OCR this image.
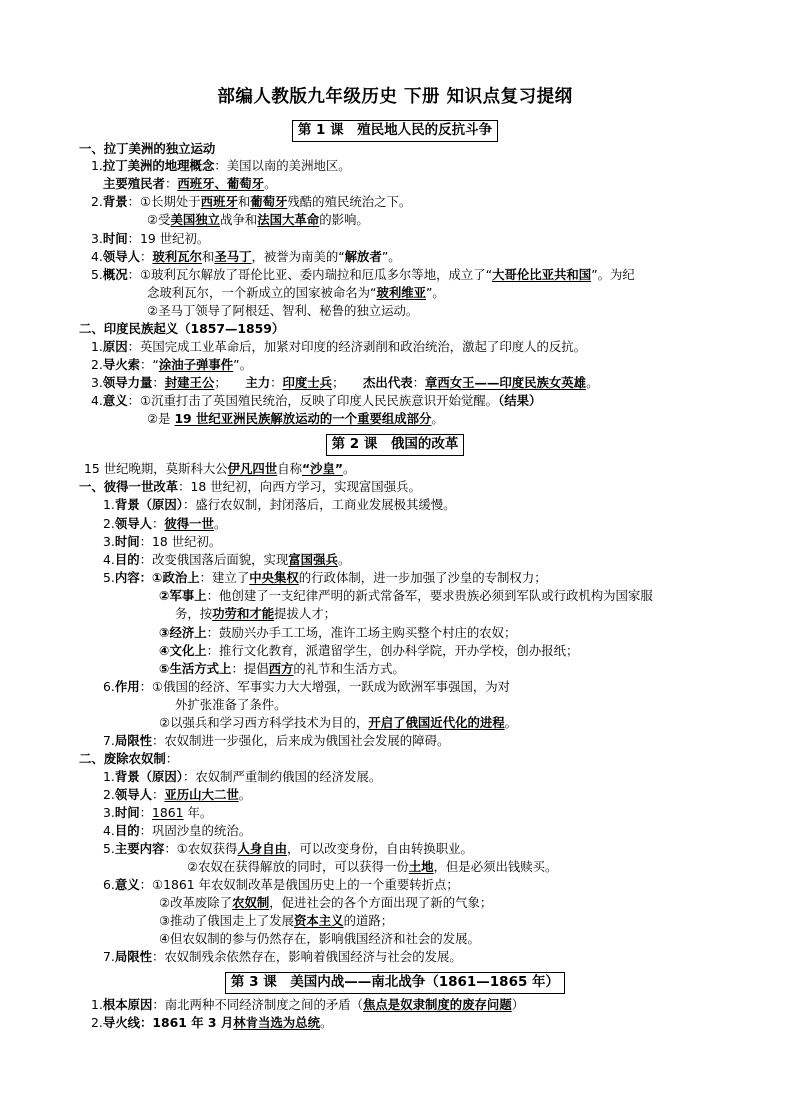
部编人教版九年级历史 下册 知识点复习提纲
第 1 课　殖民地人民的反抗斗争
一、拉丁美洲的独立运动
1.拉丁美洲的地理概念：美国以南的美洲地区。
主要殖民者：西班牙、葡萄牙。
2.背景：①长期处于西班牙和葡萄牙残酷的殖民统治之下。
②受美国独立战争和法国大革命的影响。
3.时间：19 世纪初。
4.领导人：玻利瓦尔和圣马丁，被誉为南美的“解放者”。
5.概况：①玻利瓦尔解放了哥伦比亚、委内瑞拉和厄瓜多尔等地，成立了“大哥伦比亚共和国”。为纪
念玻利瓦尔，一个新成立的国家被命名为“玻利维亚”。
②圣马丁领导了阿根廷、智利、秘鲁的独立运动。
二、印度民族起义（1857—1859）
1.原因：英国完成工业革命后，加紧对印度的经济剥削和政治统治，激起了印度人的反抗。
2.导火索：“涂油子弹事件”。
3.领导力量：封建王公；　　主力：印度士兵；　　杰出代表：章西女王——印度民族女英雄。
4.意义：①沉重打击了英国殖民统治，反映了印度人民民族意识开始觉醒。（结果）
②是 19 世纪亚洲民族解放运动的一个重要组成部分。
第 2 课　俄国的改革
15 世纪晚期，莫斯科大公伊凡四世自称“沙皇”。
一、彼得一世改革：18 世纪初，向西方学习，实现富国强兵。
1.背景（原因）：盛行农奴制，封闭落后，工商业发展极其缓慢。
2.领导人：彼得一世。
3.时间：18 世纪初。
4.目的：改变俄国落后面貌，实现富国强兵。
5.内容：①政治上：建立了中央集权的行政体制，进一步加强了沙皇的专制权力；
②军事上：他创建了一支纪律严明的新式常备军，要求贵族必须到军队或行政机构为国家服
务，按功劳和才能提拔人才；
③经济上：鼓励兴办手工工场，准许工场主购买整个村庄的农奴；
④文化上：推行文化教育，派遣留学生，创办科学院，开办学校，创办报纸；
⑤生活方式上：提倡西方的礼节和生活方式。
6.作用：①俄国的经济、军事实力大大增强，一跃成为欧洲军事强国，为对
外扩张准备了条件。
②以强兵和学习西方科学技术为目的，开启了俄国近代化的进程。
7.局限性：农奴制进一步强化，后来成为俄国社会发展的障碍。
二、废除农奴制：
1.背景（原因）：农奴制严重制约俄国的经济发展。
2.领导人：亚历山大二世。
3.时间：1861 年。
4.目的：巩固沙皇的统治。
5.主要内容：①农奴获得人身自由，可以改变身份，自由转换职业。
②农奴在获得解放的同时，可以获得一份土地，但是必须出钱赎买。
6.意义：①1861 年农奴制改革是俄国历史上的一个重要转折点；
②改革废除了农奴制，促进社会的各个方面出现了新的气象；
③推动了俄国走上了发展资本主义的道路；
④但农奴制的参与仍然存在，影响俄国经济和社会的发展。
7.局限性：农奴制残余依然存在，影响着俄国经济与社会的发展。
第 3 课　美国内战——南北战争（1861—1865 年）
1.根本原因：南北两种不同经济制度之间的矛盾（焦点是奴隶制度的废存问题）
2.导火线：1861 年 3 月林肯当选为总统。
